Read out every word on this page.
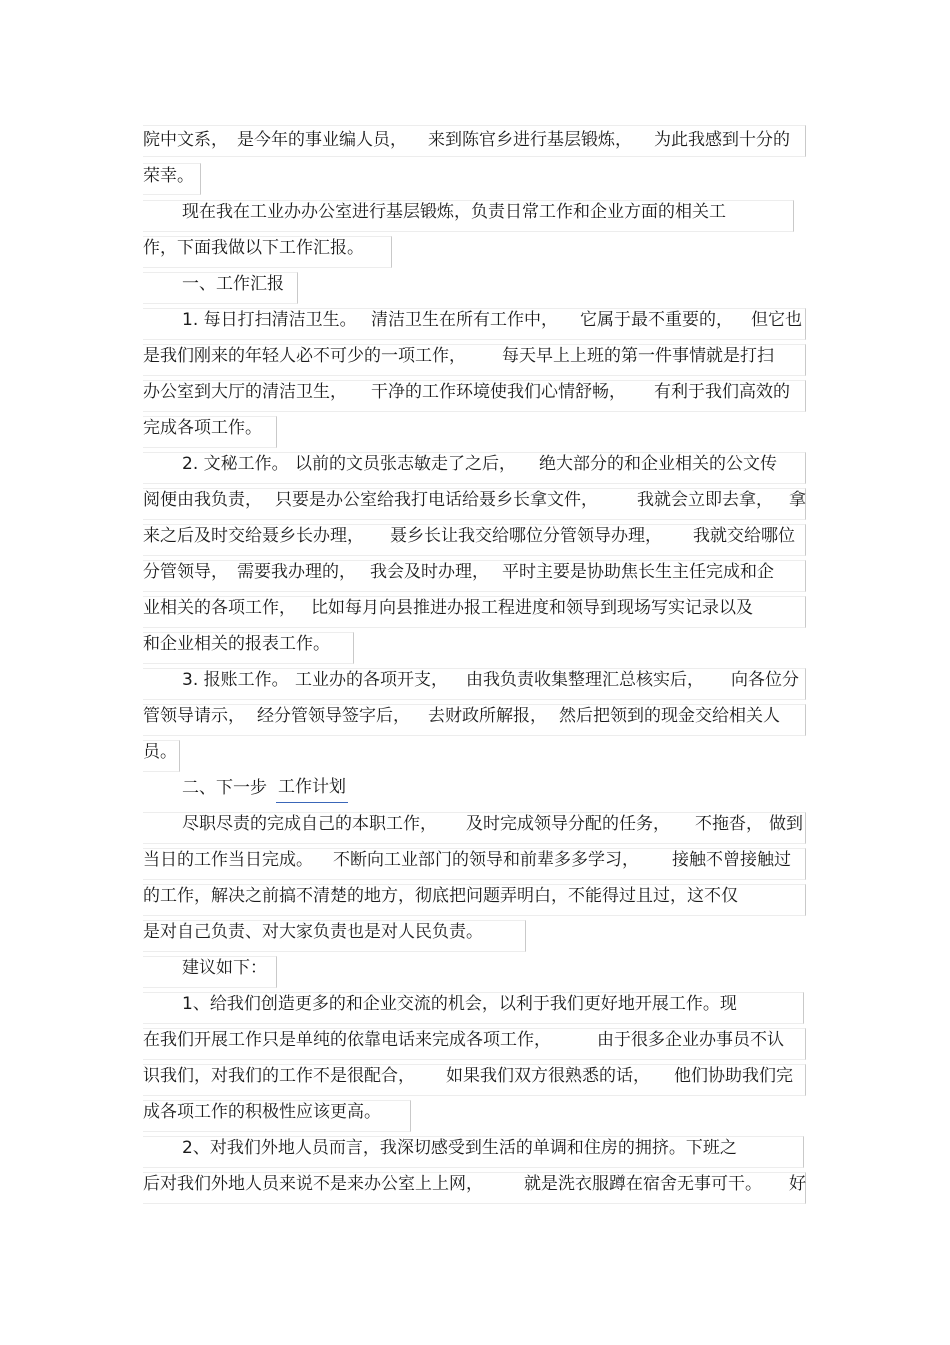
院中文系， 是今年的事业编人员， 来到陈官乡进行基层锻炼， 为此我感到十分的
荣幸。
现在我在工业办办公室进行基层锻炼，负责日常工作和企业方面的相关工
作，下面我做以下工作汇报。
一、工作汇报
1. 每日打扫清洁卫生。 清洁卫生在所有工作中， 它属于最不重要的， 但它也
是我们刚来的年轻人必不可少的一项工作， 每天早上上班的第一件事情就是打扫
办公室到大厅的清洁卫生， 干净的工作环境使我们心情舒畅， 有利于我们高效的
完成各项工作。
2. 文秘工作。 以前的文员张志敏走了之后， 绝大部分的和企业相关的公文传
阅便由我负责， 只要是办公室给我打电话给聂乡长拿文件， 我就会立即去拿， 拿
来之后及时交给聂乡长办理， 聂乡长让我交给哪位分管领导办理， 我就交给哪位
分管领导， 需要我办理的， 我会及时办理， 平时主要是协助焦长生主任完成和企
业相关的各项工作， 比如每月向县推进办报工程进度和领导到现场写实记录以及
和企业相关的报表工作。
3. 报账工作。 工业办的各项开支， 由我负责收集整理汇总核实后， 向各位分
管领导请示， 经分管领导签字后， 去财政所解报， 然后把领到的现金交给相关人
员。
二、下一步 工作计划
尽职尽责的完成自己的本职工作， 及时完成领导分配的任务， 不拖沓， 做到
当日的工作当日完成。 不断向工业部门的领导和前辈多多学习， 接触不曾接触过
的工作，解决之前搞不清楚的地方，彻底把问题弄明白，不能得过且过，这不仅
是对自己负责、对大家负责也是对人民负责。
建议如下：
1、给我们创造更多的和企业交流的机会，以利于我们更好地开展工作。现
在我们开展工作只是单纯的依靠电话来完成各项工作，	由于很多企业办事员不认
识我们，对我们的工作不是很配合， 如果我们双方很熟悉的话， 他们协助我们完
成各项工作的积极性应该更高。
2、对我们外地人员而言，我深切感受到生活的单调和住房的拥挤。下班之
后对我们外地人员来说不是来办公室上上网， 就是洗衣服蹲在宿舍无事可干。 好
